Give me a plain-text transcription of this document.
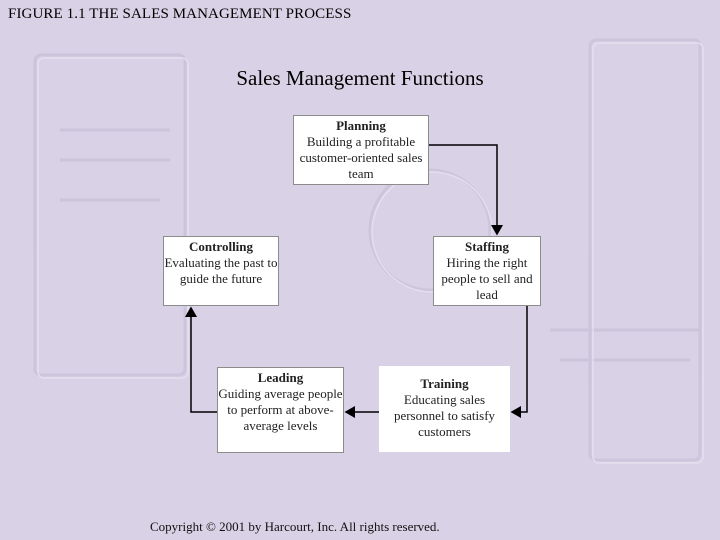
FIGURE 1.1 THE SALES MANAGEMENT PROCESS
Sales Management Functions
Planning
Building a profitable customer-oriented sales team
Staffing
Hiring the right people to sell and lead
Training
Educating sales personnel to satisfy customers
Leading
Guiding average people to perform at above-average levels
Controlling
Evaluating the past to guide the future
Copyright © 2001 by Harcourt, Inc. All rights reserved.
